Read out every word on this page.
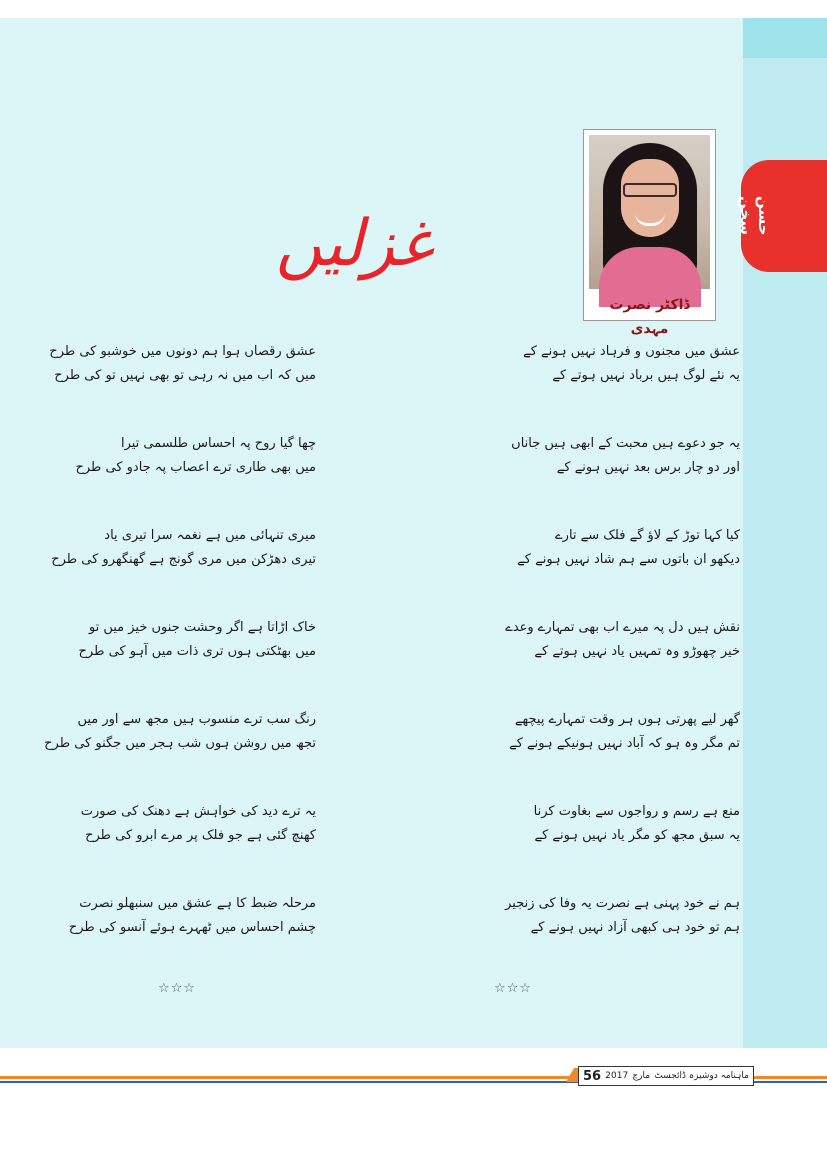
حسن سخن
غزلیں
ڈاکٹر نصرت مہدی
عشق میں مجنوں و فرہاد نہیں ہونے کے
یہ نئے لوگ ہیں برباد نہیں ہوتے کے
یہ جو دعوے ہیں محبت کے ابھی ہیں جاناں
اور دو چار برس بعد نہیں ہونے کے
کیا کہا توڑ کے لاؤ گے فلک سے تارے
دیکھو ان باتوں سے ہم شاد نہیں ہونے کے
نقش ہیں دل پہ میرے اب بھی تمہارے وعدے
خیر چھوڑو وہ تمہیں یاد نہیں ہوتے کے
گھر لیے پھرتی ہوں ہر وقت تمہارے پیچھے
تم مگر وہ ہو کہ آباد نہیں ہونیکے ہونے کے
منع ہے رسم و رواجوں سے بغاوت کرنا
یہ سبق مجھ کو مگر یاد نہیں ہونے کے
ہم نے خود پہنی ہے نصرت یہ وفا کی زنجیر
ہم تو خود ہی کبھی آزاد نہیں ہونے کے
عشق رقصاں ہوا ہم دونوں میں خوشبو کی طرح
میں کہ اب میں نہ رہی تو بھی نہیں تو کی طرح
چھا گیا روح پہ احساس طلسمی تیرا
میں بھی طاری ترے اعصاب پہ جادو کی طرح
میری تنہائی میں ہے نغمہ سرا تیری یاد
تیری دھڑکن میں مری گونج ہے گھنگھرو کی طرح
خاک اڑاتا ہے اگر وحشت جنوں خیز میں تو
میں بھٹکتی ہوں تری ذات میں آہو کی طرح
رنگ سب ترے منسوب ہیں مجھ سے اور میں
تجھ میں روشن ہوں شب ہجر میں جگنو کی طرح
یہ ترے دید کی خواہش ہے دھنک کی صورت
کھنچ گئی ہے جو فلک پر مرے ابرو کی طرح
مرحلہ ضبط کا ہے عشق میں سنبھلو نصرت
چشم احساس میں ٹھہرے ہوئے آنسو کی طرح
☆☆☆
☆☆☆
56 2017 مارچ ماہنامہ دوشیزہ ڈائجسٹ
